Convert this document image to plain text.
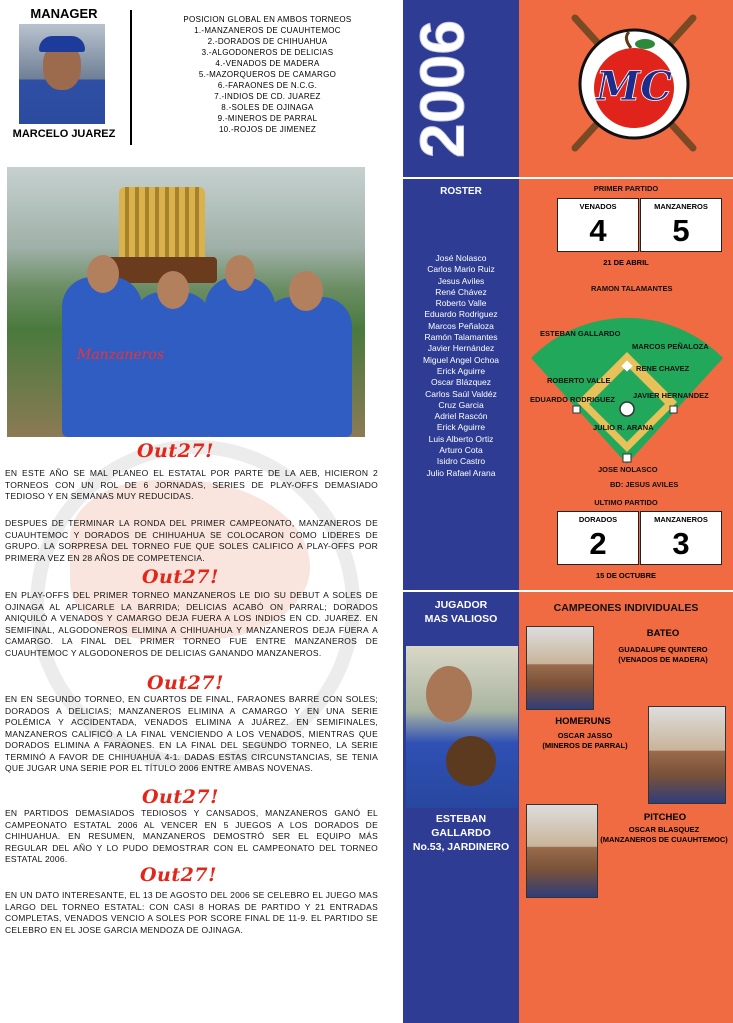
MANAGER
MARCELO JUAREZ
POSICION GLOBAL EN AMBOS TORNEOS
1.-MANZANEROS DE CUAUHTEMOC
2.-DORADOS DE CHIHUAHUA
3.-ALGODONEROS DE DELICIAS
4.-VENADOS DE MADERA
5.-MAZORQUEROS DE CAMARGO
6.-FARAONES DE N.C.G.
7.-INDIOS DE CD. JUAREZ
8.-SOLES DE OJINAGA
9.-MINEROS DE PARRAL
10.-ROJOS DE JIMENEZ
Manzaneros
Out27!

EN ESTE AÑO SE MAL PLANEO EL ESTATAL POR PARTE DE LA AEB, HICIERON 2 TORNEOS CON UN ROL DE 6 JORNADAS, SERIES DE PLAY-OFFS DEMASIADO TEDIOSO Y EN SEMANAS MUY REDUCIDAS.

DESPUES DE TERMINAR LA RONDA DEL PRIMER CAMPEONATO, MANZANEROS DE CUAUHTEMOC Y DORADOS DE CHIHUAHUA SE COLOCARON COMO LIDERES DE GRUPO. LA SORPRESA DEL TORNEO FUE QUE SOLES CALIFICO A PLAY-OFFS POR PRIMERA VEZ EN 28 AÑOS DE COMPETENCIA.

Out27!

EN PLAY-OFFS DEL PRIMER TORNEO MANZANEROS LE DIO SU DEBUT A SOLES DE OJINAGA AL APLICARLE LA BARRIDA; DELICIAS ACABÓ ON PARRAL; DORADOS ANIQUILÓ A VENADOS Y CAMARGO DEJA FUERA A LOS INDIOS EN CD. JUAREZ. EN SEMIFINAL, ALGODONEROS ELIMINA A CHIHUAHUA Y MANZANEROS DEJA FUERA A CAMARGO. LA FINAL DEL PRIMER TORNEO FUE ENTRE MANZANEROS DE CUAUHTEMOC Y ALGODONEROS DE DELICIAS GANANDO MANZANEROS.

Out27!

EN EN SEGUNDO TORNEO, EN CUARTOS DE FINAL, FARAONES BARRE CON SOLES; DORADOS A DELICIAS; MANZANEROS ELIMINA A CAMARGO Y EN UNA SERIE POLÉMICA Y ACCIDENTADA, VENADOS ELIMINA A JUÁREZ. EN SEMIFINALES, MANZANEROS CALIFICÓ A LA FINAL VENCIENDO A LOS VENADOS, MIENTRAS QUE DORADOS ELIMINA A FARAONES. EN LA FINAL DEL SEGUNDO TORNEO, LA SERIE TERMINÓ A FAVOR DE CHIHUAHUA 4-1. DADAS ESTAS CIRCUNSTANCIAS, SE TENIA QUE JUGAR UNA SERIE POR EL TÍTULO 2006 ENTRE AMBAS NOVENAS.

Out27!

EN PARTIDOS DEMASIADOS TEDIOSOS Y CANSADOS, MANZANEROS GANÓ EL CAMPEONATO ESTATAL 2006 AL VENCER EN 5 JUEGOS A LOS DORADOS DE CHIHUAHUA. EN RESUMEN, MANZANEROS DEMOSTRÓ SER EL EQUIPO MÁS REGULAR DEL AÑO Y LO PUDO DEMOSTRAR CON EL CAMPEONATO DEL TORNEO ESTATAL 2006.

Out27!

EN UN DATO INTERESANTE, EL 13 DE AGOSTO DEL 2006 SE CELEBRO EL JUEGO MAS LARGO DEL TORNEO ESTATAL: CON CASI 8 HORAS DE PARTIDO Y 21 ENTRADAS COMPLETAS, VENADOS VENCIO A SOLES POR SCORE FINAL DE 11-9. EL PARTIDO SE CELEBRO EN EL JOSE GARCIA MENDOZA DE OJINAGA.

2006
ROSTER
José Nolasco
Carlos Mario Ruiz
Jesus Aviles
René Chávez
Roberto Valle
Eduardo Rodriguez
Marcos Peñaloza
Ramón Talamantes
Javier Hernández
Miguel Angel Ochoa
Erick Aguirre
Oscar Blázquez
Carlos Saúl Valdéz
Cruz Garcia
Adriel Rascón
Erick Aguirre
Luis Alberto Ortiz
Arturo Cota
Isidro Castro
Julio Rafael Arana
JUGADOR
MAS VALIOSO
ESTEBAN
GALLARDO
No.53, JARDINERO
MC
PRIMER PARTIDO
VENADOS
4
MANZANEROS
5
21 DE ABRIL
RAMON TALAMANTES
ESTEBAN GALLARDO
MARCOS PEÑALOZA
RENE CHAVEZ
ROBERTO VALLE
EDUARDO RODRIGUEZ JAVIER HERNANDEZ
JULIO R. ARANA
JOSE NOLASCO
BD: JESUS AVILES
ULTIMO PARTIDO
DORADOS
2
MANZANEROS
3
15 DE OCTUBRE
CAMPEONES INDIVIDUALES
BATEO
GUADALUPE QUINTERO
(VENADOS DE MADERA)
HOMERUNS
OSCAR JASSO
(MINEROS DE PARRAL)
PITCHEO
OSCAR BLASQUEZ
(MANZANEROS DE CUAUHTEMOC)
